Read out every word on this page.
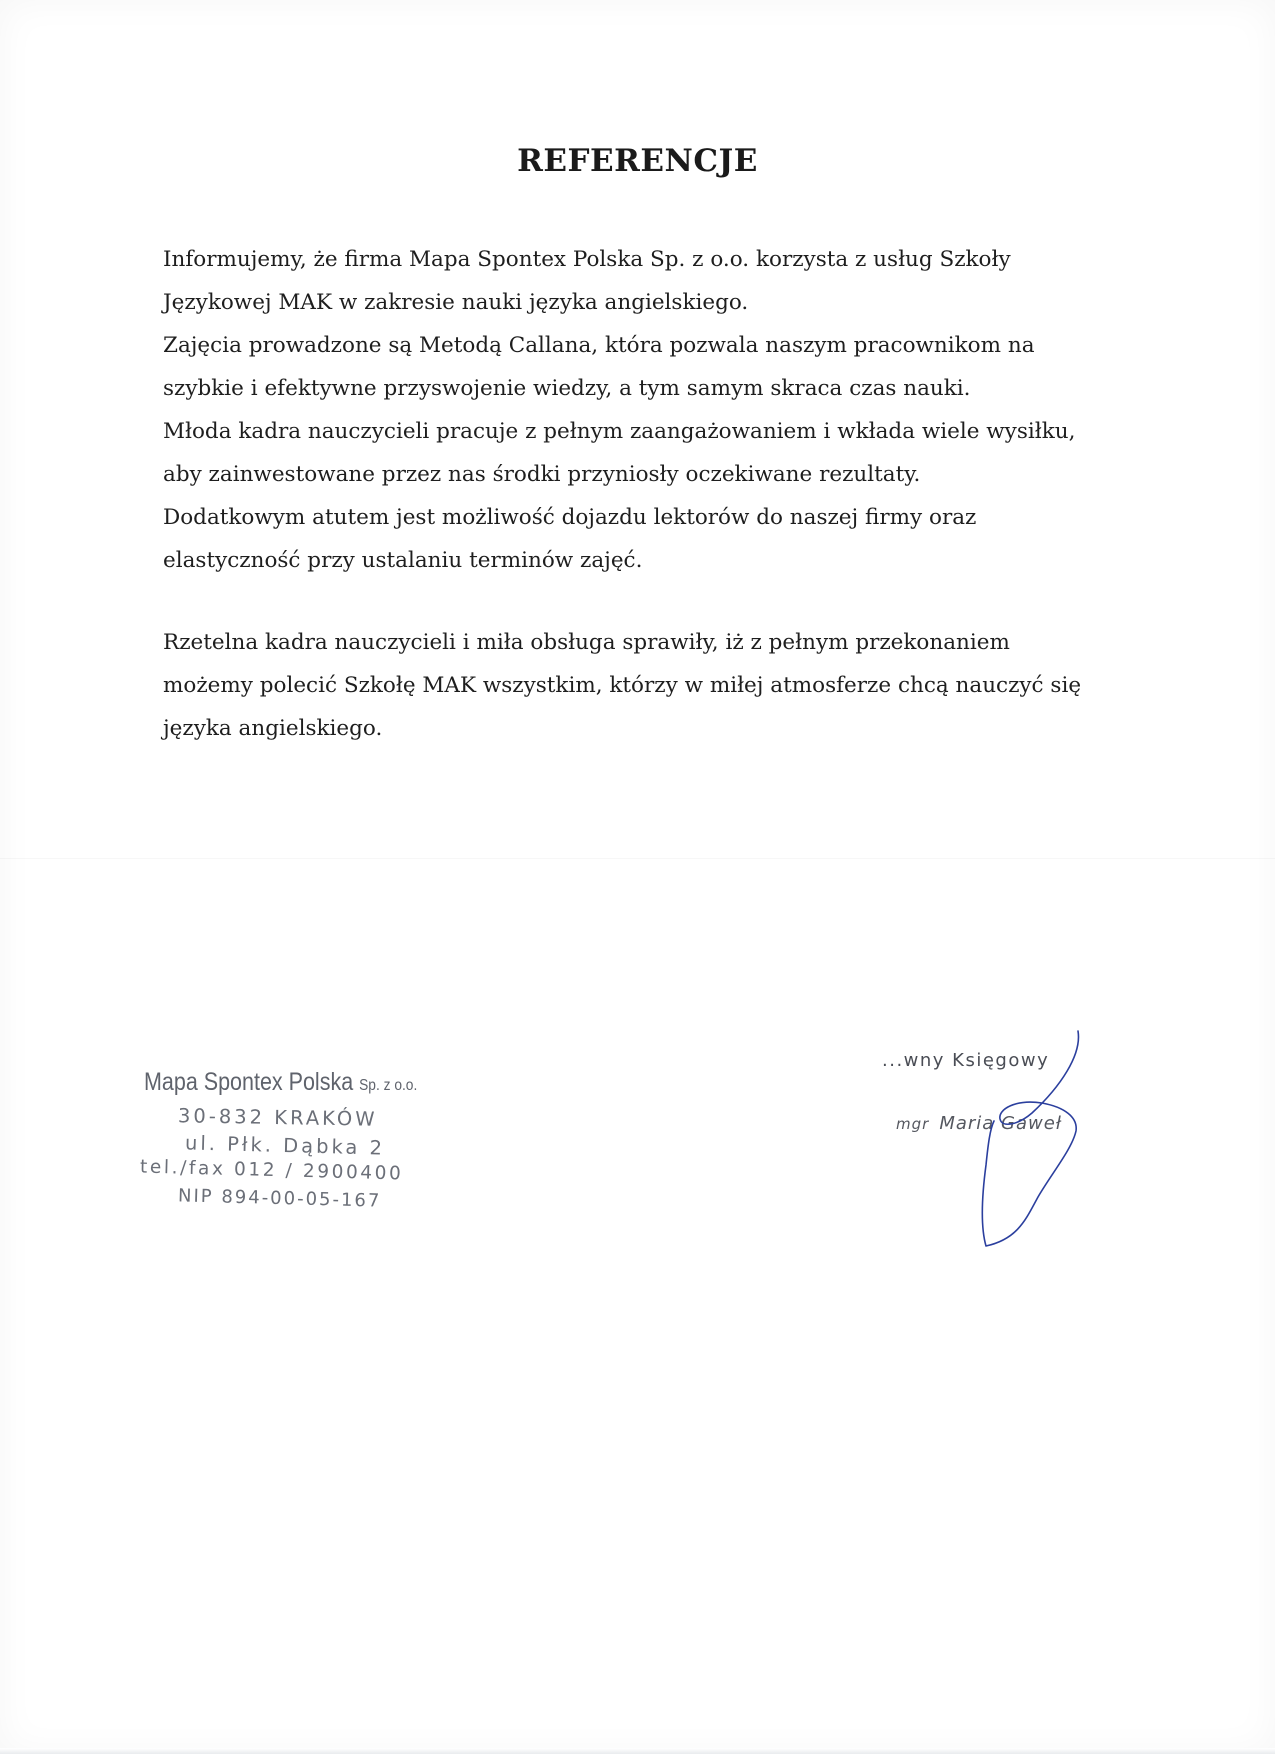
REFERENCJE
Informujemy, że firma Mapa Spontex Polska Sp. z o.o. korzysta z usług Szkoły
Językowej MAK w zakresie nauki języka angielskiego.
Zajęcia prowadzone są Metodą Callana, która pozwala naszym pracownikom na
szybkie i efektywne przyswojenie wiedzy, a tym samym skraca czas nauki.
Młoda kadra nauczycieli pracuje z pełnym zaangażowaniem i wkłada wiele wysiłku,
aby zainwestowane przez nas środki przyniosły oczekiwane rezultaty.
Dodatkowym atutem jest możliwość dojazdu lektorów do naszej firmy oraz
elastyczność przy ustalaniu terminów zajęć.
Rzetelna kadra nauczycieli i miła obsługa sprawiły, iż z pełnym przekonaniem
możemy polecić Szkołę MAK wszystkim, którzy w miłej atmosferze chcą nauczyć się
języka angielskiego.
Mapa Spontex Polska Sp. z o.o.
30-832 KRAKÓW
ul. Płk. Dąbka 2
tel./fax 012 / 2900400
NIP 894-00-05-167
...wny Księgowy
mgr Maria Gaweł
